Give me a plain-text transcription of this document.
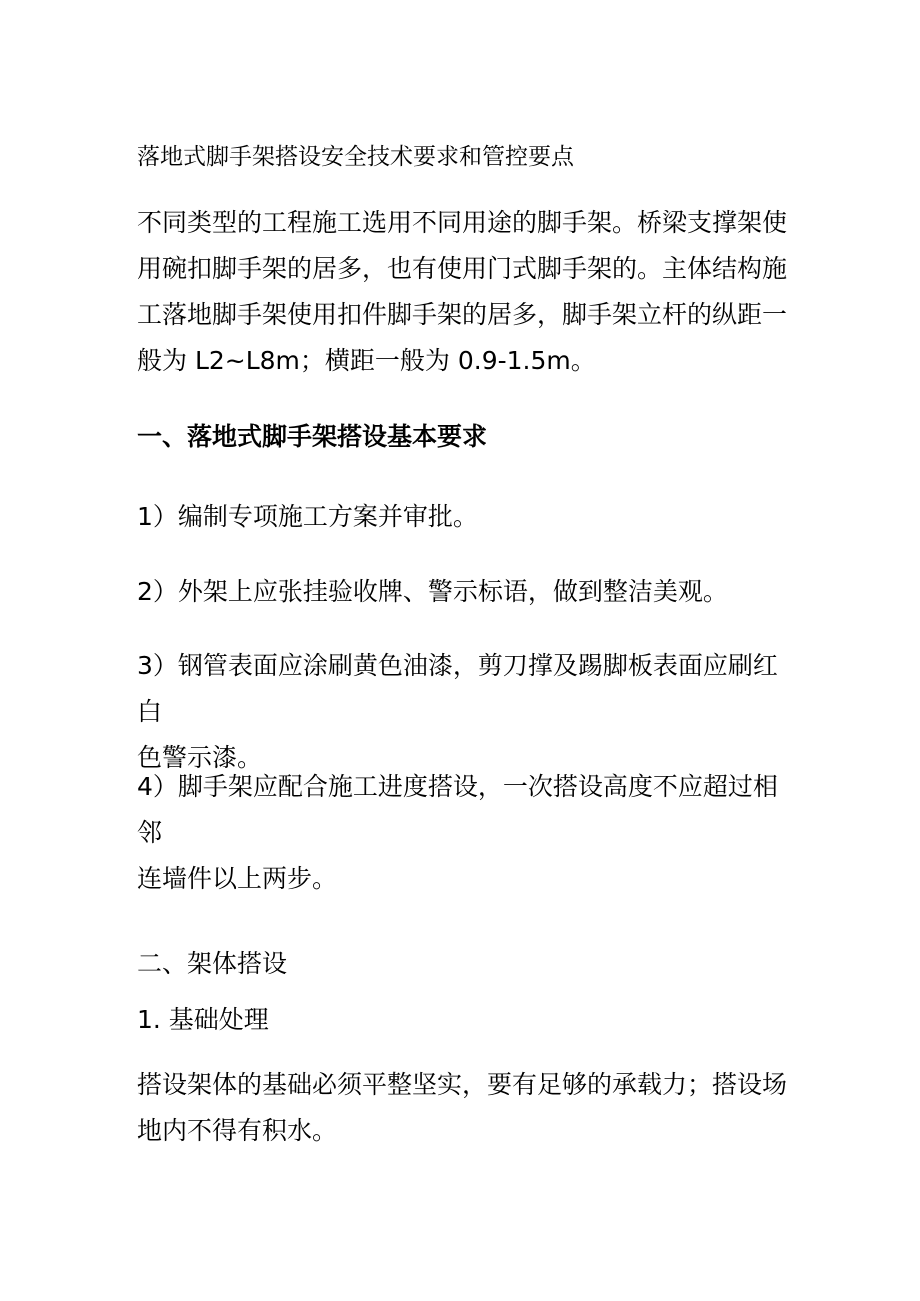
落地式脚手架搭设安全技术要求和管控要点

不同类型的工程施工选用不同用途的脚手架。桥梁支撑架使
用碗扣脚手架的居多，也有使用门式脚手架的。主体结构施
工落地脚手架使用扣件脚手架的居多，脚手架立杆的纵距一
般为 L2~L8m；横距一般为 0.9-1.5m。

一、落地式脚手架搭设基本要求

1）编制专项施工方案并审批。

2）外架上应张挂验收牌、警示标语，做到整洁美观。

3）钢管表面应涂刷黄色油漆，剪刀撑及踢脚板表面应刷红白
色警示漆。

4）脚手架应配合施工进度搭设，一次搭设高度不应超过相邻
连墙件以上两步。

二、架体搭设

1. 基础处理

搭设架体的基础必须平整坚实，要有足够的承载力；搭设场
地内不得有积水。
